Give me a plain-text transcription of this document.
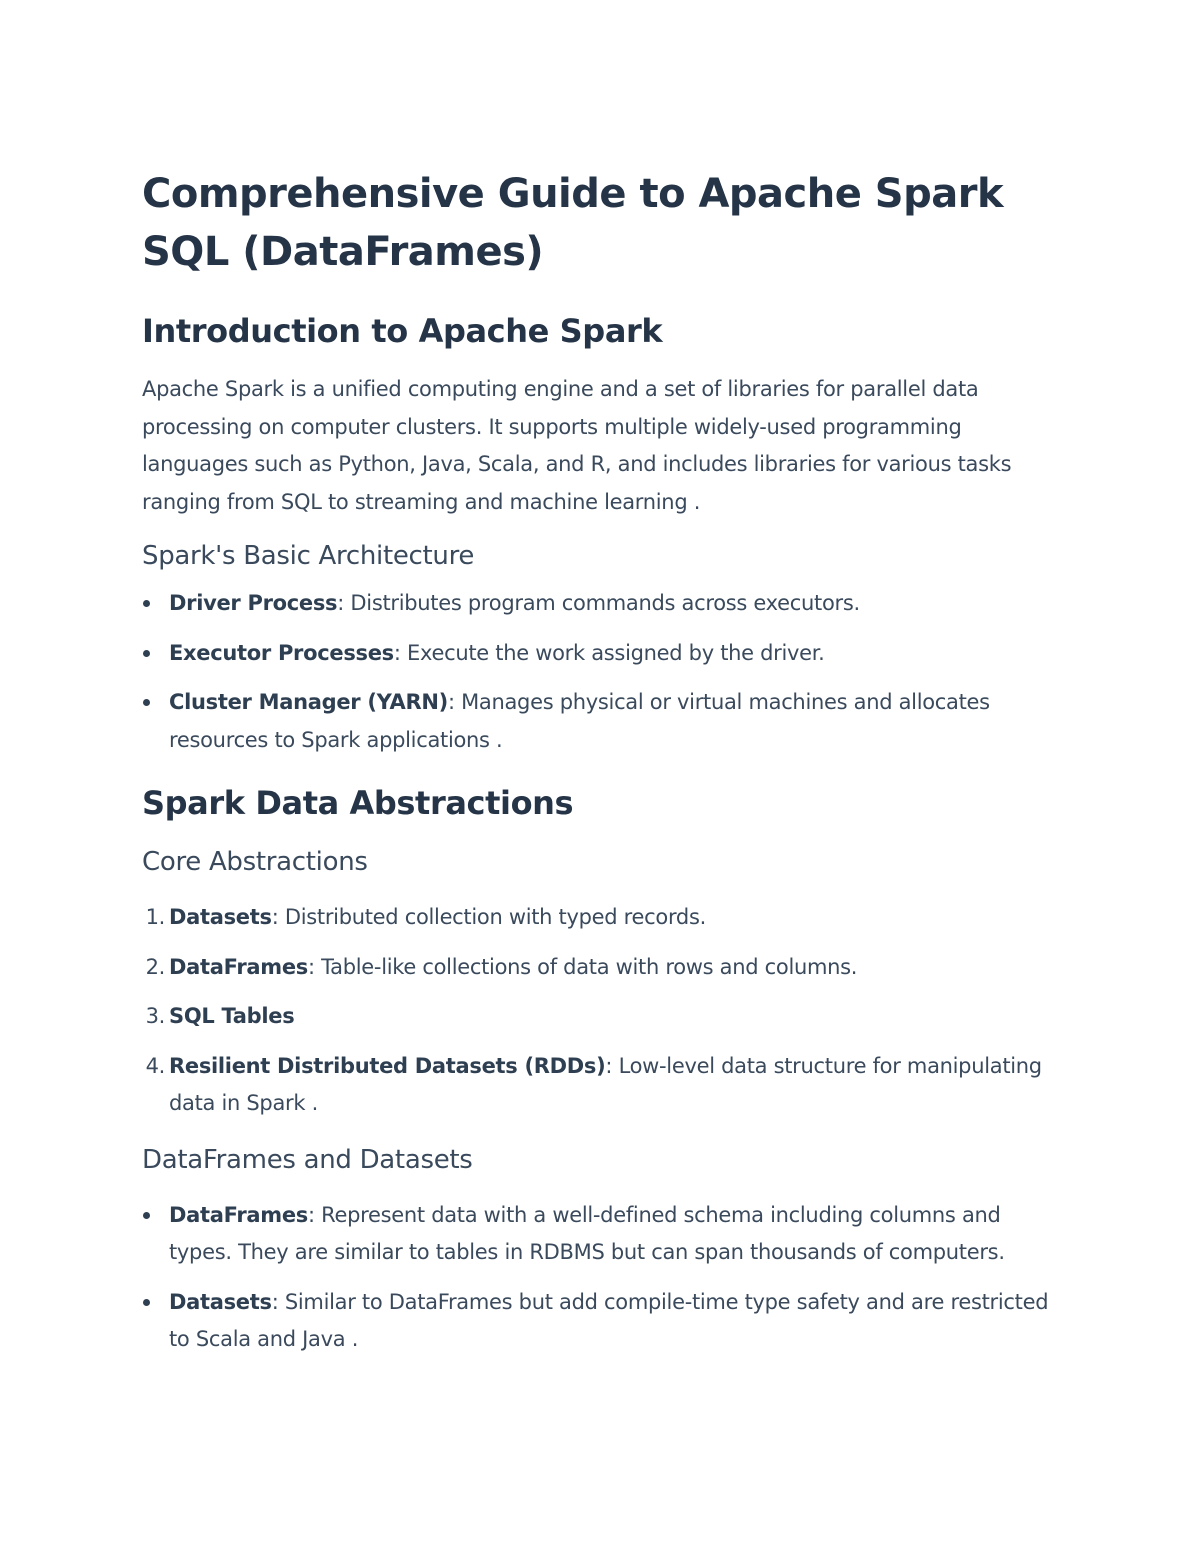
Comprehensive Guide to Apache Spark SQL (DataFrames)
Introduction to Apache Spark

Apache Spark is a unified computing engine and a set of libraries for parallel data processing on computer clusters. It supports multiple widely-used programming languages such as Python, Java, Scala, and R, and includes libraries for various tasks ranging from SQL to streaming and machine learning .

Spark's Basic Architecture
Driver Process: Distributes program commands across executors.
Executor Processes: Execute the work assigned by the driver.
Cluster Manager (YARN): Manages physical or virtual machines and allocates resources to Spark applications .
Spark Data Abstractions
Core Abstractions
1. Datasets: Distributed collection with typed records.
2. DataFrames: Table-like collections of data with rows and columns.
3. SQL Tables
4. Resilient Distributed Datasets (RDDs): Low-level data structure for manipulating data in Spark .
DataFrames and Datasets
DataFrames: Represent data with a well-defined schema including columns and types. They are similar to tables in RDBMS but can span thousands of computers.
Datasets: Similar to DataFrames but add compile-time type safety and are restricted to Scala and Java .
